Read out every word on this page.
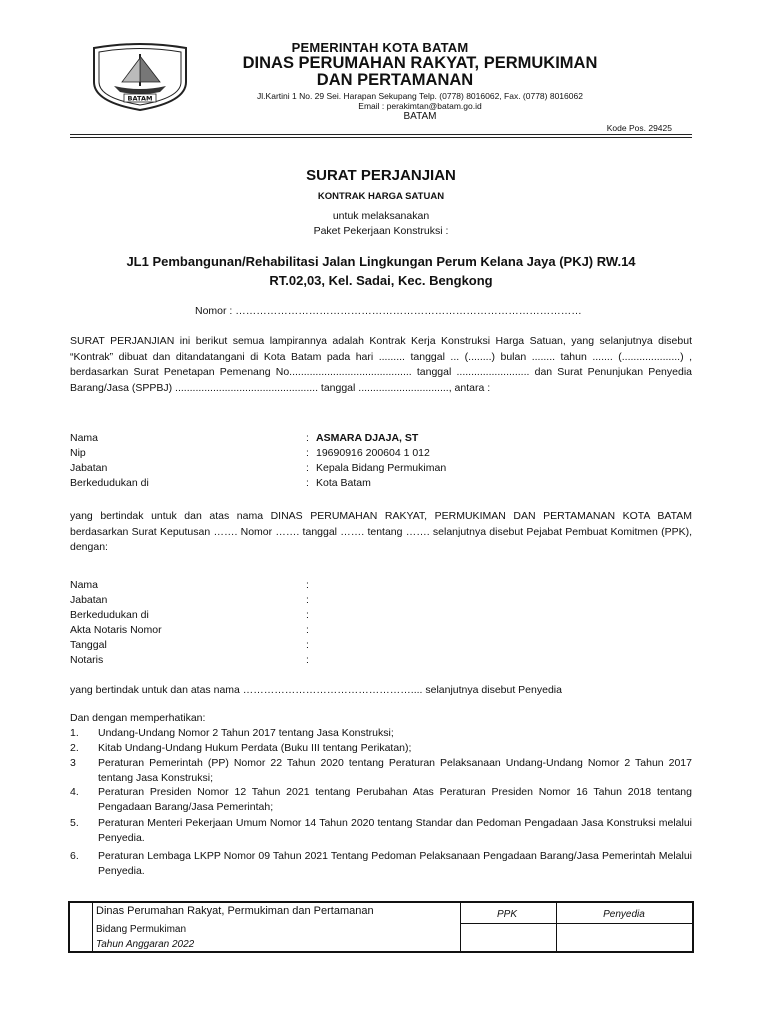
BATAM
PEMERINTAH KOTA BATAM
DINAS PERUMAHAN RAKYAT, PERMUKIMAN
DAN PERTAMANAN
Jl.Kartini 1 No. 29 Sei. Harapan Sekupang Telp. (0778) 8016062, Fax. (0778) 8016062
Email : perakimtan@batam.go.id
BATAM
Kode Pos. 29425
SURAT PERJANJIAN
KONTRAK HARGA SATUAN
untuk melaksanakan
Paket Pekerjaan Konstruksi :
JL1 Pembangunan/Rehabilitasi Jalan Lingkungan Perum Kelana Jaya (PKJ) RW.14
RT.02,03, Kel. Sadai, Kec. Bengkong
Nomor : ………………………………………………………………………………………
SURAT PERJANJIAN ini berikut semua lampirannya adalah Kontrak Kerja Konstruksi Harga Satuan, yang selanjutnya disebut “Kontrak” dibuat dan ditandatangani di Kota Batam pada hari ......... tanggal ... (........) bulan ........ tahun ....... (....................) , berdasarkan Surat Penetapan Pemenang No.......................................... tanggal ......................... dan Surat Penunjukan Penyedia Barang/Jasa (SPPBJ) ................................................. tanggal ..............................., antara :
Nama	: ASMARA DJAJA, ST
Nip	: 19690916 200604 1 012
Jabatan	: Kepala Bidang Permukiman
Berkedudukan di	: Kota Batam
yang bertindak untuk dan atas nama DINAS PERUMAHAN RAKYAT, PERMUKIMAN DAN PERTAMANAN KOTA BATAM berdasarkan Surat Keputusan ……. Nomor ……. tanggal ……. tentang ……. selanjutnya disebut Pejabat Pembuat Komitmen (PPK), dengan:
Nama	:
Jabatan	:
Berkedudukan di	:
Akta Notaris Nomor	:
Tanggal	:
Notaris	:
yang bertindak untuk dan atas nama ………………………………………….... selanjutnya disebut Penyedia
Dan dengan memperhatikan:
1. Undang-Undang Nomor 2 Tahun 2017 tentang Jasa Konstruksi;
2. Kitab Undang-Undang Hukum Perdata (Buku III tentang Perikatan);
3 Peraturan Pemerintah (PP) Nomor 22 Tahun 2020 tentang Peraturan Pelaksanaan Undang-Undang Nomor 2 Tahun 2017 tentang Jasa Konstruksi;
4. Peraturan Presiden Nomor 12 Tahun 2021 tentang Perubahan Atas Peraturan Presiden Nomor 16 Tahun 2018 tentang Pengadaan Barang/Jasa Pemerintah;
5. Peraturan Menteri Pekerjaan Umum Nomor 14 Tahun 2020 tentang Standar dan Pedoman Pengadaan Jasa Konstruksi melalui Penyedia.
6. Peraturan Lembaga LKPP Nomor 09 Tahun 2021 Tentang Pedoman Pelaksanaan Pengadaan Barang/Jasa Pemerintah Melalui Penyedia.
Dinas Perumahan Rakyat, Permukiman dan Pertamanan
Bidang Permukiman
Tahun Anggaran 2022
PPK	Penyedia
